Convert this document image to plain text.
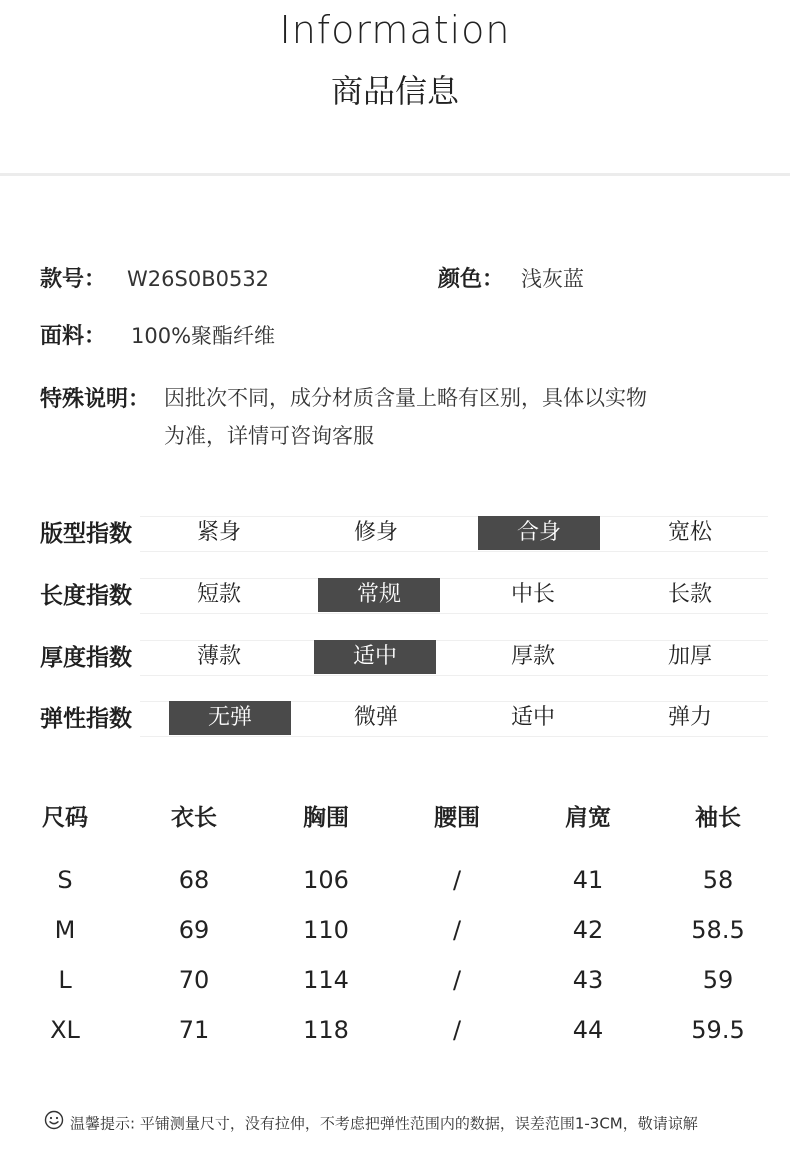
Information
商品信息
款号： W26S0B0532	颜色： 浅灰蓝
面料： 100%聚酯纤维
特殊说明： 因批次不同，成分材质含量上略有区别，具体以实物
为准，详情可咨询客服
版型指数	紧身	修身	合身	宽松
长度指数	短款	常规	中长	长款
厚度指数	薄款	适中	厚款	加厚
弹性指数	无弹	微弹	适中	弹力
尺码	衣长	胸围	腰围	肩宽	袖长
S	68	106	/	41	58
M	69	110	/	42	58.5
L	70	114	/	43	59
XL	71	118	/	44	59.5
温馨提示: 平铺测量尺寸，没有拉伸，不考虑把弹性范围内的数据，误差范围1-3CM，敬请谅解
